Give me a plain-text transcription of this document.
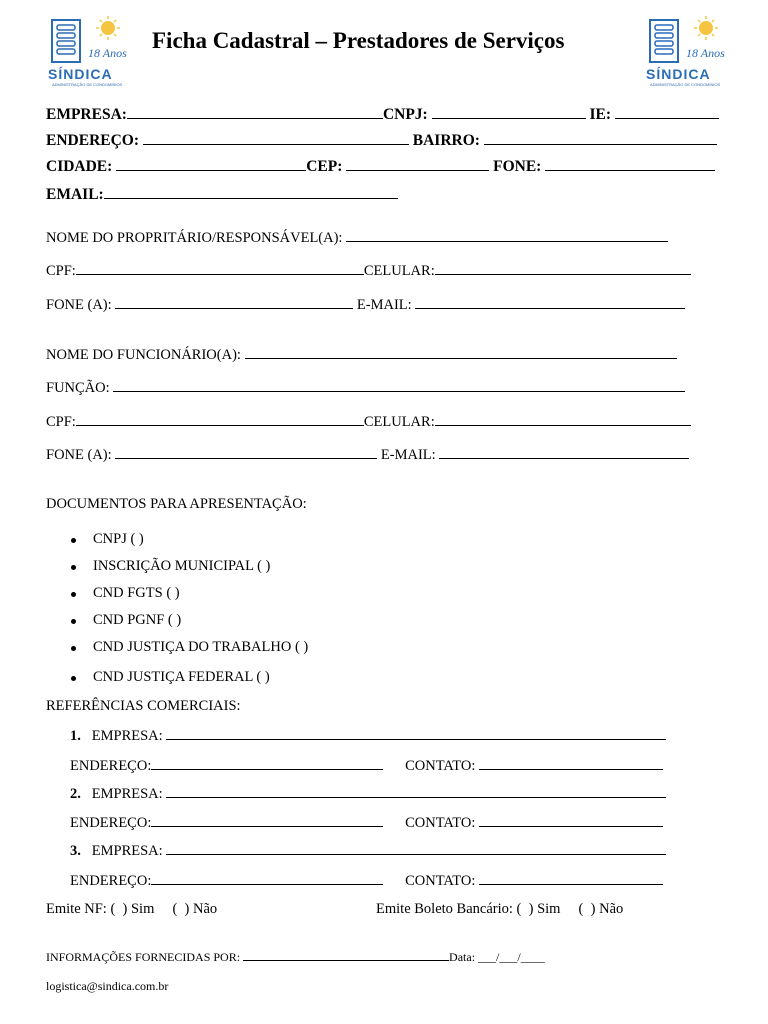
18 Anos
SÍNDICA
ADMINISTRAÇÃO DE CONDOMÍNIOS
Ficha Cadastral – Prestadores de Serviços	18 Anos
SÍNDICA
ADMINISTRAÇÃO DE CONDOMÍNIOS
EMPRESA:	CNPJ:	IE:
ENDEREÇO:	BAIRRO:
CIDADE:	CEP:	FONE:
EMAIL:
NOME DO PROPRITÁRIO/RESPONSÁVEL(A):
CPF:	CELULAR:
FONE (A):	E-MAIL:
NOME DO FUNCIONÁRIO(A):
FUNÇÃO:
CPF:	CELULAR:
FONE (A):	E-MAIL:
DOCUMENTOS PARA APRESENTAÇÃO:
CNPJ ( )
INSCRIÇÃO MUNICIPAL ( )
CND FGTS ( )
CND PGNF ( )
CND JUSTIÇA DO TRABALHO ( )
CND JUSTIÇA FEDERAL ( )
REFERÊNCIAS COMERCIAIS:
1. EMPRESA:
ENDEREÇO:	CONTATO:
2. EMPRESA:
ENDEREÇO:	CONTATO:
3. EMPRESA:
ENDEREÇO:	CONTATO:
Emite NF: (  ) Sim     (  ) Não	Emite Boleto Bancário: (  ) Sim     (  ) Não
INFORMAÇÕES FORNECIDAS POR:	Data: ___/___/____
logistica@sindica.com.br
